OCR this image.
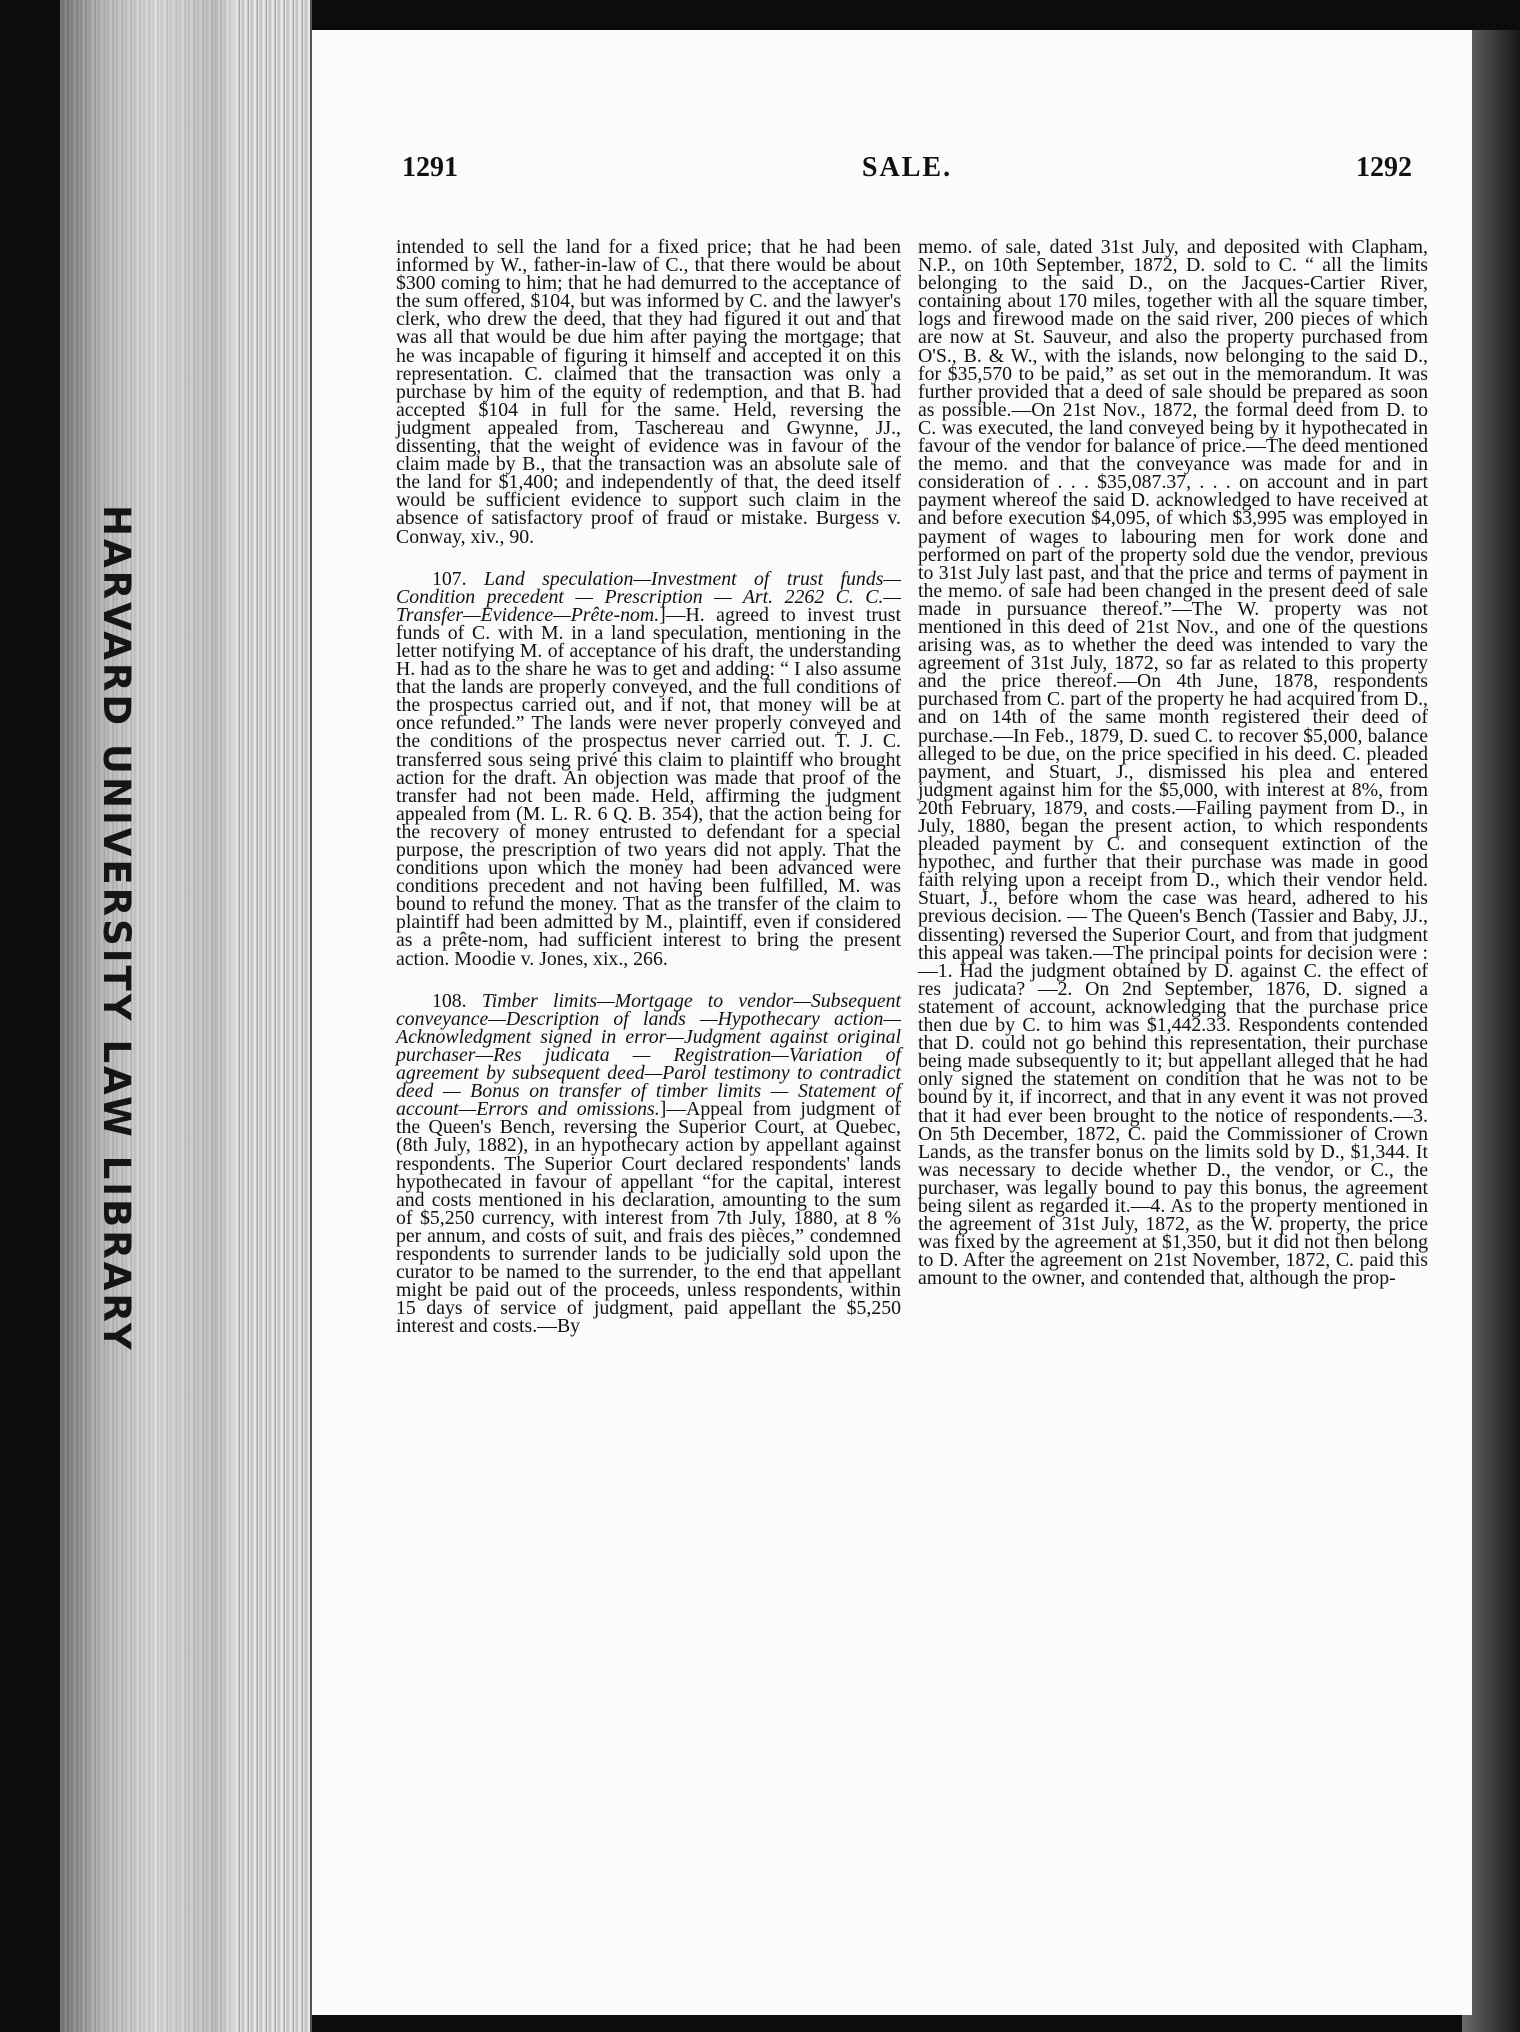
HARVARD UNIVERSITY LAW LIBRARY
1291	SALE.	1292

intended to sell the land for a fixed price; that he had been informed by W., father-in-law of C., that there would be about $300 coming to him; that he had demurred to the acceptance of the sum offered, $104, but was informed by C. and the lawyer's clerk, who drew the deed, that they had figured it out and that was all that would be due him after paying the mortgage; that he was incapable of figuring it himself and accepted it on this representation. C. claimed that the transaction was only a purchase by him of the equity of redemption, and that B. had accepted $104 in full for the same. Held, reversing the judgment appealed from, Taschereau and Gwynne, JJ., dissenting, that the weight of evidence was in favour of the claim made by B., that the transaction was an absolute sale of the land for $1,400; and independently of that, the deed itself would be sufficient evidence to support such claim in the absence of satisfactory proof of fraud or mistake. Burgess v. Conway, xiv., 90.

107. Land speculation—Investment of trust funds—Condition precedent — Prescription — Art. 2262 C. C.—Transfer—Evidence—Prête-nom.]—H. agreed to invest trust funds of C. with M. in a land speculation, mentioning in the letter notifying M. of acceptance of his draft, the understanding H. had as to the share he was to get and adding: “ I also assume that the lands are properly conveyed, and the full conditions of the prospectus carried out, and if not, that money will be at once refunded.” The lands were never properly conveyed and the conditions of the prospectus never carried out. T. J. C. transferred sous seing privé this claim to plaintiff who brought action for the draft. An objection was made that proof of the transfer had not been made. Held, affirming the judgment appealed from (M. L. R. 6 Q. B. 354), that the action being for the recovery of money entrusted to defendant for a special purpose, the prescription of two years did not apply. That the conditions upon which the money had been advanced were conditions precedent and not having been fulfilled, M. was bound to refund the money. That as the transfer of the claim to plaintiff had been admitted by M., plaintiff, even if considered as a prête-nom, had sufficient interest to bring the present action. Moodie v. Jones, xix., 266.

108. Timber limits—Mortgage to vendor—Subsequent conveyance—Description of lands —Hypothecary action—Acknowledgment signed in error—Judgment against original purchaser—Res judicata — Registration—Variation of agreement by subsequent deed—Parol testimony to contradict deed — Bonus on transfer of timber limits — Statement of account—Errors and omissions.]—Appeal from judgment of the Queen's Bench, reversing the Superior Court, at Quebec, (8th July, 1882), in an hypothecary action by appellant against respondents. The Superior Court declared respondents' lands hypothecated in favour of appellant “for the capital, interest and costs mentioned in his declaration, amounting to the sum of $5,250 currency, with interest from 7th July, 1880, at 8 % per annum, and costs of suit, and frais des pièces,” condemned respondents to surrender lands to be judicially sold upon the curator to be named to the surrender, to the end that appellant might be paid out of the proceeds, unless respondents, within 15 days of service of judgment, paid appellant the $5,250 interest and costs.—By

memo. of sale, dated 31st July, and deposited with Clapham, N.P., on 10th September, 1872, D. sold to C. “ all the limits belonging to the said D., on the Jacques-Cartier River, containing about 170 miles, together with all the square timber, logs and firewood made on the said river, 200 pieces of which are now at St. Sauveur, and also the property purchased from O'S., B. & W., with the islands, now belonging to the said D., for $35,570 to be paid,” as set out in the memorandum. It was further provided that a deed of sale should be prepared as soon as possible.—On 21st Nov., 1872, the formal deed from D. to C. was executed, the land conveyed being by it hypothecated in favour of the vendor for balance of price.—The deed mentioned the memo. and that the conveyance was made for and in consideration of . . . $35,087.37, . . . on account and in part payment whereof the said D. acknowledged to have received at and before execution $4,095, of which $3,995 was employed in payment of wages to labouring men for work done and performed on part of the property sold due the vendor, previous to 31st July last past, and that the price and terms of payment in the memo. of sale had been changed in the present deed of sale made in pursuance thereof.”—The W. property was not mentioned in this deed of 21st Nov., and one of the questions arising was, as to whether the deed was intended to vary the agreement of 31st July, 1872, so far as related to this property and the price thereof.—On 4th June, 1878, respondents purchased from C. part of the property he had acquired from D., and on 14th of the same month registered their deed of purchase.—In Feb., 1879, D. sued C. to recover $5,000, balance alleged to be due, on the price specified in his deed. C. pleaded payment, and Stuart, J., dismissed his plea and entered judgment against him for the $5,000, with interest at 8%, from 20th February, 1879, and costs.—Failing payment from D., in July, 1880, began the present action, to which respondents pleaded payment by C. and consequent extinction of the hypothec, and further that their purchase was made in good faith relying upon a receipt from D., which their vendor held. Stuart, J., before whom the case was heard, adhered to his previous decision. — The Queen's Bench (Tassier and Baby, JJ., dissenting) reversed the Superior Court, and from that judgment this appeal was taken.—The principal points for decision were :—1. Had the judgment obtained by D. against C. the effect of res judicata? —2. On 2nd September, 1876, D. signed a statement of account, acknowledging that the purchase price then due by C. to him was $1,442.33. Respondents contended that D. could not go behind this representation, their purchase being made subsequently to it; but appellant alleged that he had only signed the statement on condition that he was not to be bound by it, if incorrect, and that in any event it was not proved that it had ever been brought to the notice of respondents.—3. On 5th December, 1872, C. paid the Commissioner of Crown Lands, as the transfer bonus on the limits sold by D., $1,344. It was necessary to decide whether D., the vendor, or C., the purchaser, was legally bound to pay this bonus, the agreement being silent as regarded it.—4. As to the property mentioned in the agreement of 31st July, 1872, as the W. property, the price was fixed by the agreement at $1,350, but it did not then belong to D. After the agreement on 21st November, 1872, C. paid this amount to the owner, and contended that, although the prop-
